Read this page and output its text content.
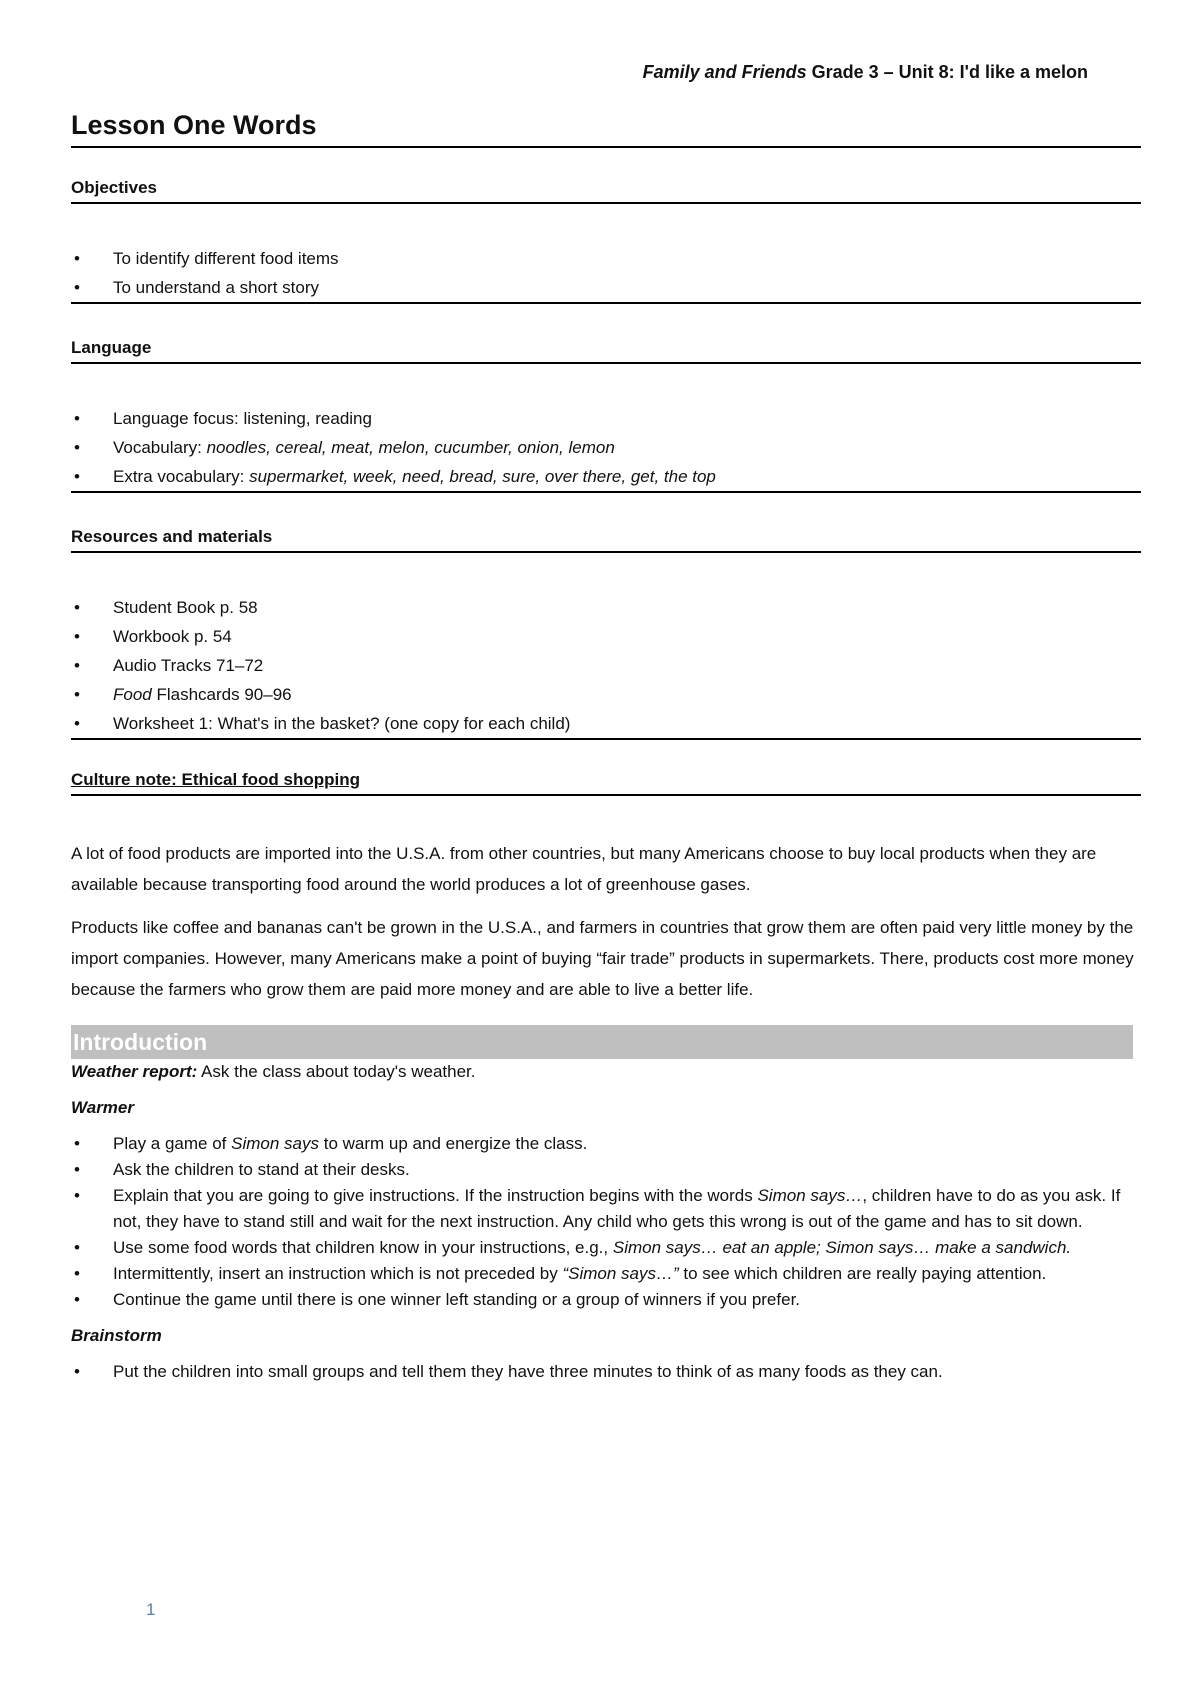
Family and Friends Grade 3 – Unit 8: I'd like a melon
Lesson One Words
Objectives
• To identify different food items
• To understand a short story
Language
• Language focus: listening, reading
• Vocabulary: noodles, cereal, meat, melon, cucumber, onion, lemon
• Extra vocabulary: supermarket, week, need, bread, sure, over there, get, the top
Resources and materials
• Student Book p. 58
• Workbook p. 54
• Audio Tracks 71–72
• Food Flashcards 90–96
• Worksheet 1: What's in the basket? (one copy for each child)
Culture note: Ethical food shopping

A lot of food products are imported into the U.S.A. from other countries, but many Americans choose to buy local products when they are available because transporting food around the world produces a lot of greenhouse gases.

Products like coffee and bananas can't be grown in the U.S.A., and farmers in countries that grow them are often paid very little money by the import companies. However, many Americans make a point of buying “fair trade” products in supermarkets. There, products cost more money because the farmers who grow them are paid more money and are able to live a better life.

Introduction

Weather report: Ask the class about today's weather.

Warmer

• Play a game of Simon says to warm up and energize the class.
• Ask the children to stand at their desks.
• Explain that you are going to give instructions. If the instruction begins with the words Simon says…, children have to do as you ask. If not, they have to stand still and wait for the next instruction. Any child who gets this wrong is out of the game and has to sit down.
• Use some food words that children know in your instructions, e.g., Simon says… eat an apple; Simon says… make a sandwich.
• Intermittently, insert an instruction which is not preceded by “Simon says…” to see which children are really paying attention.
• Continue the game until there is one winner left standing or a group of winners if you prefer.

Brainstorm

• Put the children into small groups and tell them they have three minutes to think of as many foods as they can.
1
